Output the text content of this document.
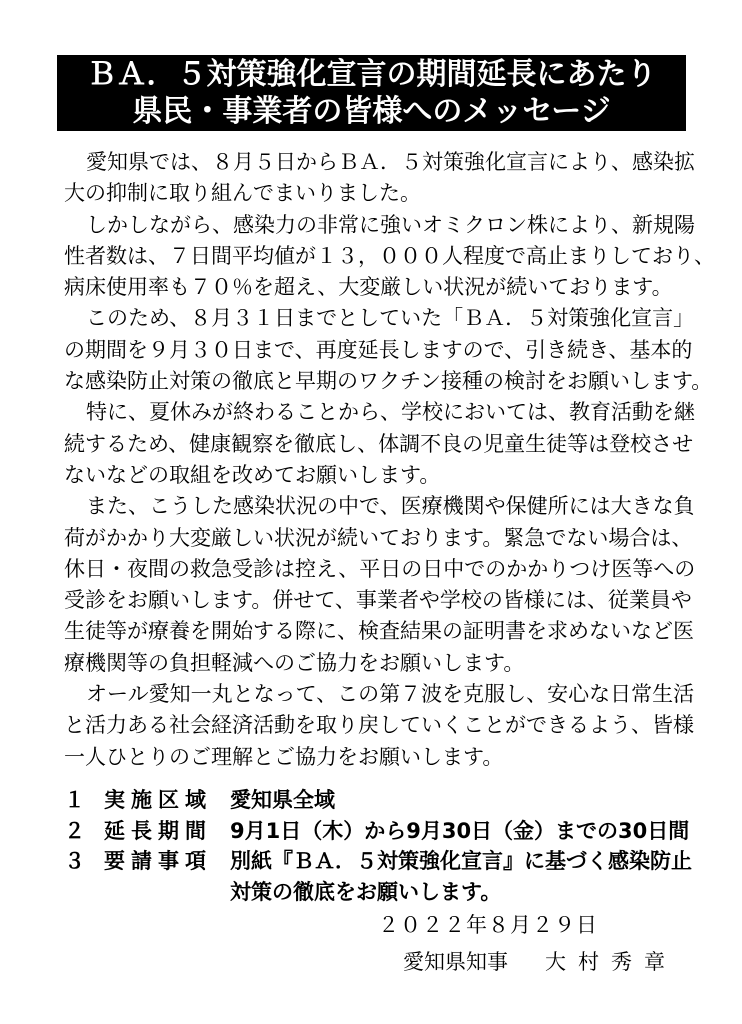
ＢＡ．５対策強化宣言の期間延長にあたり
県民・事業者の皆様へのメッセージ
愛知県では、８月５日からＢＡ．５対策強化宣言により、感染拡
大の抑制に取り組んでまいりました。
しかしながら、感染力の非常に強いオミクロン株により、新規陽
性者数は、７日間平均値が１３，０００人程度で高止まりしており、
病床使用率も７０％を超え、大変厳しい状況が続いております。
このため、８月３１日までとしていた「ＢＡ．５対策強化宣言」
の期間を９月３０日まで、再度延長しますので、引き続き、基本的
な感染防止対策の徹底と早期のワクチン接種の検討をお願いします。
特に、夏休みが終わることから、学校においては、教育活動を継
続するため、健康観察を徹底し、体調不良の児童生徒等は登校させ
ないなどの取組を改めてお願いします。
また、こうした感染状況の中で、医療機関や保健所には大きな負
荷がかかり大変厳しい状況が続いております。緊急でない場合は、
休日・夜間の救急受診は控え、平日の日中でのかかりつけ医等への
受診をお願いします。併せて、事業者や学校の皆様には、従業員や
生徒等が療養を開始する際に、検査結果の証明書を求めないなど医
療機関等の負担軽減へのご協力をお願いします。
オール愛知一丸となって、この第７波を克服し、安心な日常生活
と活力ある社会経済活動を取り戻していくことができるよう、皆様
一人ひとりのご理解とご協力をお願いします。
１ 実施区域 愛知県全域
２ 延長期間 9月1日（木）から9月30日（金）までの30日間
３ 要請事項 別紙『ＢＡ．５対策強化宣言』に基づく感染防止
対策の徹底をお願いします。
２０２２年８月２９日
愛知県知事 大村秀章
